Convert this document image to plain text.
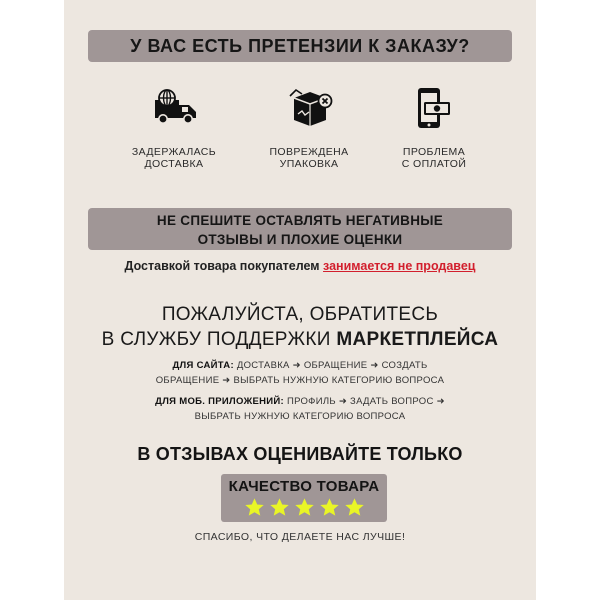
У ВАС ЕСТЬ ПРЕТЕНЗИИ К ЗАКАЗУ?
ЗАДЕРЖАЛАСЬ
ДОСТАВКА
ПОВРЕЖДЕНА
УПАКОВКА
ПРОБЛЕМА
С ОПЛАТОЙ
НЕ СПЕШИТЕ ОСТАВЛЯТЬ НЕГАТИВНЫЕ
ОТЗЫВЫ И ПЛОХИЕ ОЦЕНКИ
Доставкой товара покупателем занимается не продавец
ПОЖАЛУЙСТА, ОБРАТИТЕСЬ
В СЛУЖБУ ПОДДЕРЖКИ МАРКЕТПЛЕЙСА
ДЛЯ САЙТА: ДОСТАВКА ➜ ОБРАЩЕНИЕ ➜ СОЗДАТЬ
ОБРАЩЕНИЕ ➜ ВЫБРАТЬ НУЖНУЮ КАТЕГОРИЮ ВОПРОСА
ДЛЯ МОБ. ПРИЛОЖЕНИЙ: ПРОФИЛЬ ➜ ЗАДАТЬ ВОПРОС ➜
ВЫБРАТЬ НУЖНУЮ КАТЕГОРИЮ ВОПРОСА
В ОТЗЫВАХ ОЦЕНИВАЙТЕ ТОЛЬКО
КАЧЕСТВО ТОВАРА
СПАСИБО, ЧТО ДЕЛАЕТЕ НАС ЛУЧШЕ!
